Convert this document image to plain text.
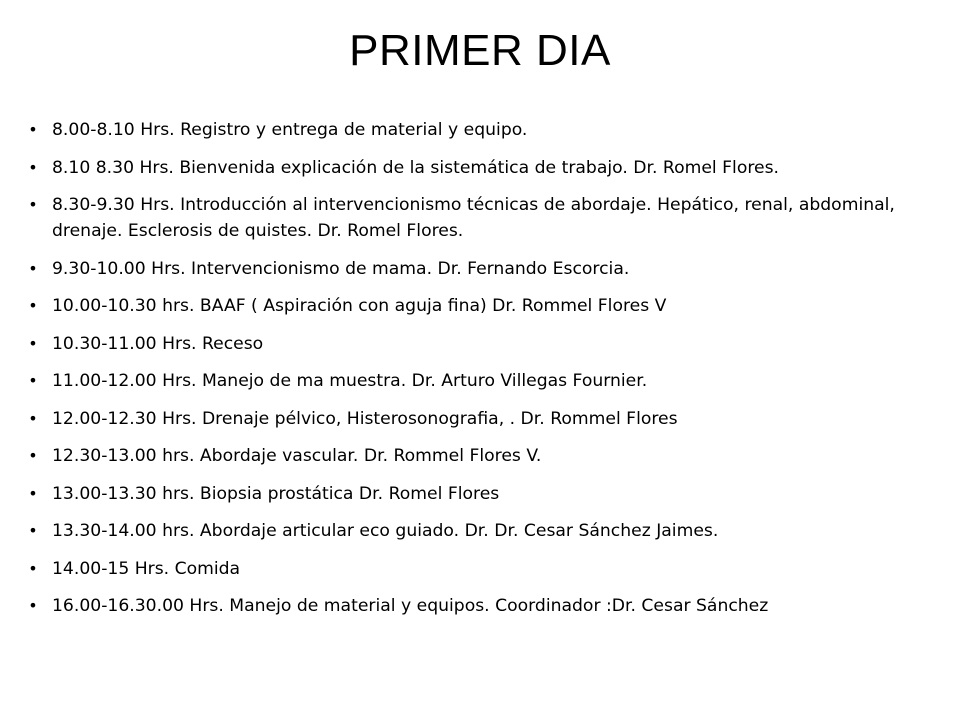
PRIMER DIA
• 8.00-8.10 Hrs. Registro y entrega de material y equipo.
• 8.10 8.30 Hrs. Bienvenida explicación de la sistemática de trabajo. Dr. Romel Flores.
• 8.30-9.30 Hrs. Introducción al intervencionismo técnicas de abordaje. Hepático, renal, abdominal, drenaje. Esclerosis de quistes. Dr. Romel Flores.
• 9.30-10.00 Hrs. Intervencionismo de mama. Dr. Fernando Escorcia.
• 10.00-10.30 hrs. BAAF ( Aspiración con aguja fina) Dr. Rommel Flores V
• 10.30-11.00 Hrs. Receso
• 11.00-12.00 Hrs. Manejo de ma muestra. Dr. Arturo Villegas Fournier.
• 12.00-12.30 Hrs. Drenaje pélvico, Histerosonografia, . Dr. Rommel Flores
• 12.30-13.00 hrs. Abordaje vascular. Dr. Rommel Flores V.
• 13.00-13.30 hrs. Biopsia prostática Dr. Romel Flores
• 13.30-14.00 hrs. Abordaje articular eco guiado. Dr. Dr. Cesar Sánchez Jaimes.
• 14.00-15 Hrs. Comida
• 16.00-16.30.00 Hrs. Manejo de material y equipos. Coordinador :Dr. Cesar Sánchez
